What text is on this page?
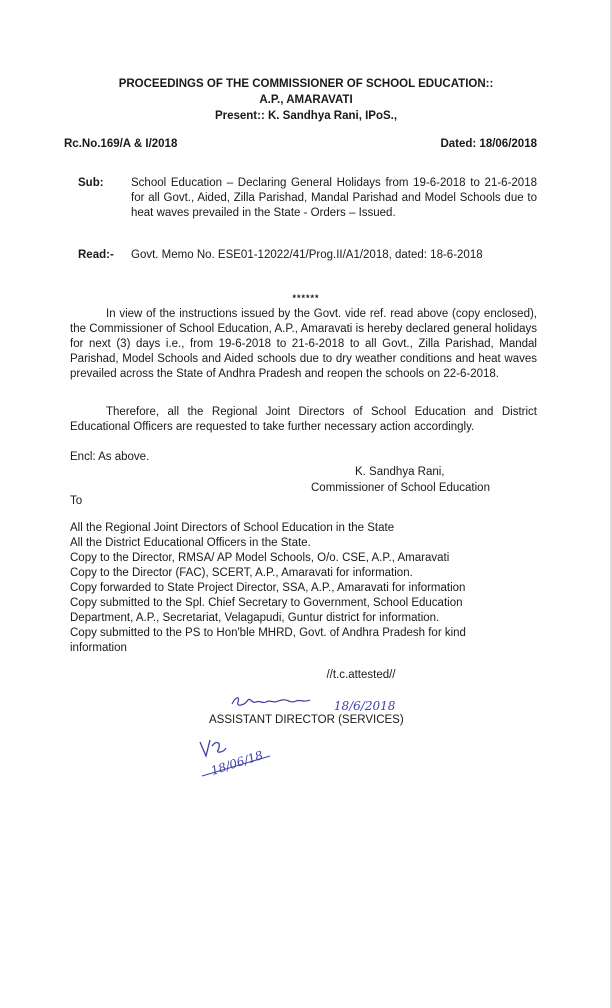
PROCEEDINGS OF THE COMMISSIONER OF SCHOOL EDUCATION::
A.P., AMARAVATI
Present:: K. Sandhya Rani, IPoS.,
Rc.No.169/A & I/2018	Dated: 18/06/2018
Sub: School Education – Declaring General Holidays from 19-6-2018 to 21-6-2018 for all Govt., Aided, Zilla Parishad, Mandal Parishad and Model Schools due to heat waves prevailed in the State - Orders – Issued.
Read:- Govt. Memo No. ESE01-12022/41/Prog.II/A1/2018, dated: 18-6-2018
******
In view of the instructions issued by the Govt. vide ref. read above (copy enclosed), the Commissioner of School Education, A.P., Amaravati is hereby declared general holidays for next (3) days i.e., from 19-6-2018 to 21-6-2018 to all Govt., Zilla Parishad, Mandal Parishad, Model Schools and Aided schools due to dry weather conditions and heat waves prevailed across the State of Andhra Pradesh and reopen the schools on 22-6-2018.
Therefore, all the Regional Joint Directors of School Education and District Educational Officers are requested to take further necessary action accordingly.
Encl: As above.
K. Sandhya Rani,
Commissioner of School Education
To
All the Regional Joint Directors of School Education in the State
All the District Educational Officers in the State.
Copy to the Director, RMSA/ AP Model Schools, O/o. CSE, A.P., Amaravati
Copy to the Director (FAC), SCERT, A.P., Amaravati for information.
Copy forwarded to State Project Director, SSA, A.P., Amaravati for information
Copy submitted to the Spl. Chief Secretary to Government, School Education
Department, A.P., Secretariat, Velagapudi, Guntur district for information.
Copy submitted to the PS to Hon'ble MHRD, Govt. of Andhra Pradesh for kind
information
//t.c.attested//
18/6/2018
ASSISTANT DIRECTOR (SERVICES)
18/06/18
